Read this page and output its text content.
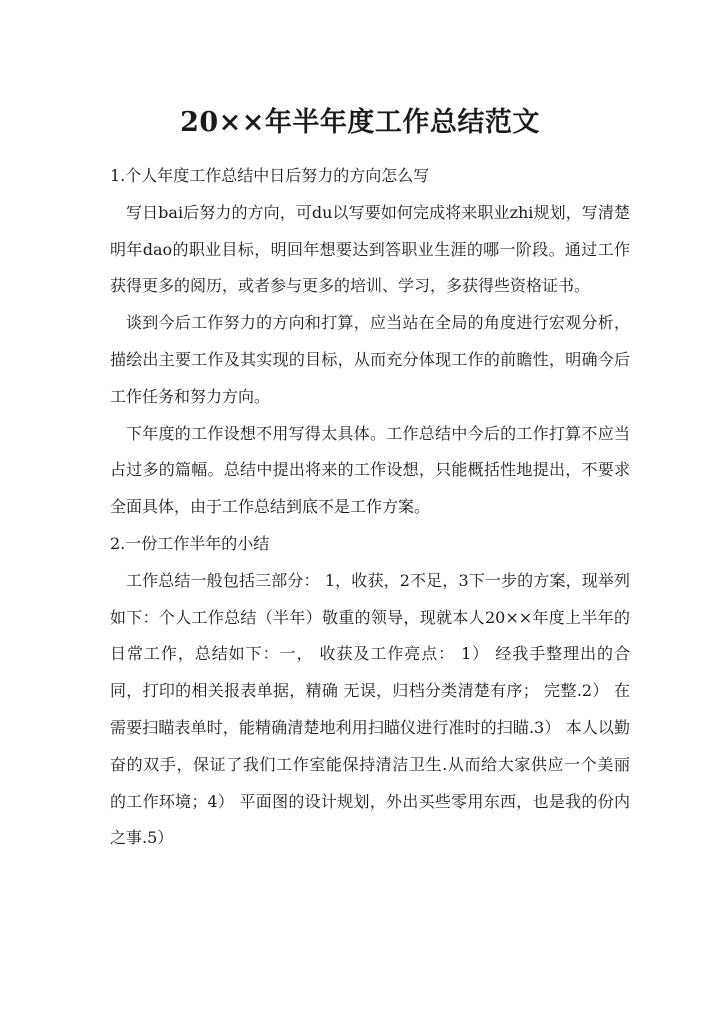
20××年半年度工作总结范文

1.个人年度工作总结中日后努力的方向怎么写

写日bai后努力的方向，可du以写要如何完成将来职业zhi规划，写清楚明年dao的职业目标，明回年想要达到答职业生涯的哪一阶段。通过工作获得更多的阅历，或者参与更多的培训、学习，多获得些资格证书。

谈到今后工作努力的方向和打算，应当站在全局的角度进行宏观分析，描绘出主要工作及其实现的目标，从而充分体现工作的前瞻性，明确今后工作任务和努力方向。

下年度的工作设想不用写得太具体。工作总结中今后的工作打算不应当占过多的篇幅。总结中提出将来的工作设想，只能概括性地提出，不要求全面具体，由于工作总结到底不是工作方案。

2.一份工作半年的小结

工作总结一般包括三部分： 1，收获，2不足，3下一步的方案，现举列如下：个人工作总结（半年）敬重的领导，现就本人20××年度上半年的日常工作，总结如下：一， 收获及工作亮点： 1） 经我手整理出的合同，打印的相关报表单据，精确 无误，归档分类清楚有序； 完整.2） 在需要扫瞄表单时，能精确清楚地利用扫瞄仪进行准时的扫瞄.3） 本人以勤奋的双手，保证了我们工作室能保持清洁卫生.从而给大家供应一个美丽 的工作环境；4） 平面图的设计规划，外出买些零用东西，也是我的份内之事.5）
